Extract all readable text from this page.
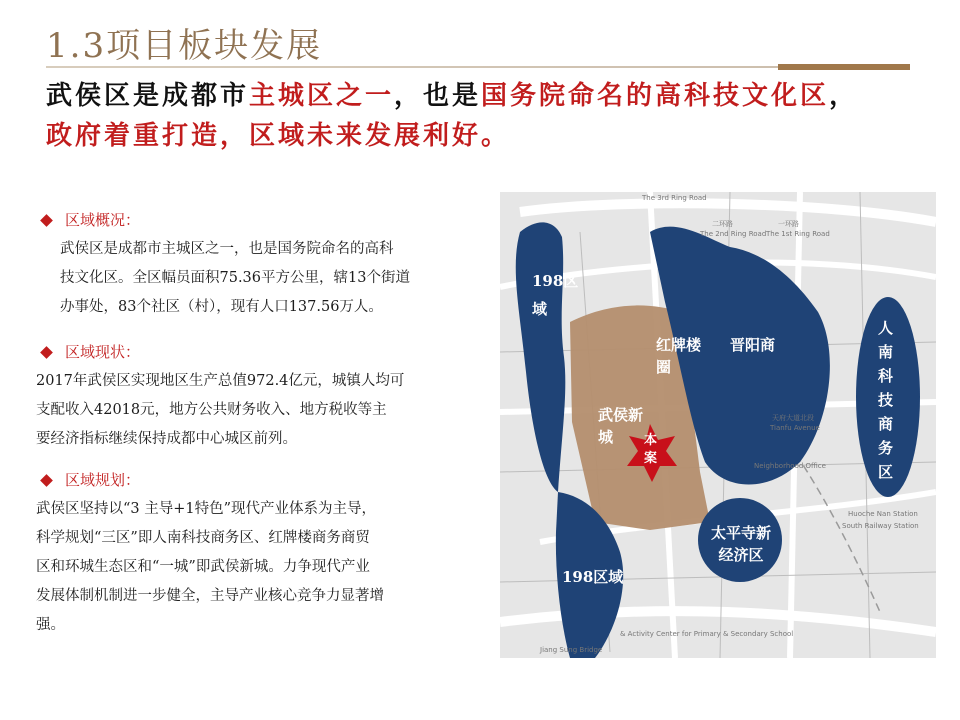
1.3项目板块发展
武侯区是成都市主城区之一，也是国务院命名的高科技文化区，
政府着重打造，区域未来发展利好。
区域概况：
武侯区是成都市主城区之一，也是国务院命名的高科
技文化区。全区幅员面积75.36平方公里，辖13个街道
办事处，83个社区（村），现有人口137.56万人。
区域现状：
2017年武侯区实现地区生产总值972.4亿元，城镇人均可
支配收入42018元，地方公共财务收入、地方税收等主
要经济指标继续保持成都中心城区前列。
区域规划：
武侯区坚持以“3 主导+1特色”现代产业体系为主导，
科学规划“三区”即人南科技商务区、红牌楼商务商贸
区和环城生态区和“一城”即武侯新城。力争现代产业
发展体制机制进一步健全，主导产业核心竞争力显著增
强。
The 3rd Ring Road
二环路
The 2nd Ring Road
一环路
The 1st Ring Road
Neighborhood Office
天府大道北段
Tianfu Avenue
Huoche Nan Station
South Railway Station
& Activity Center for Primary & Secondary School
Jiang Sung Bridge
198区
域
红牌楼
圈
晋阳商
人
南
科
技
商
务
区
武侯新
城	本
案
太平寺新
经济区
198区域
